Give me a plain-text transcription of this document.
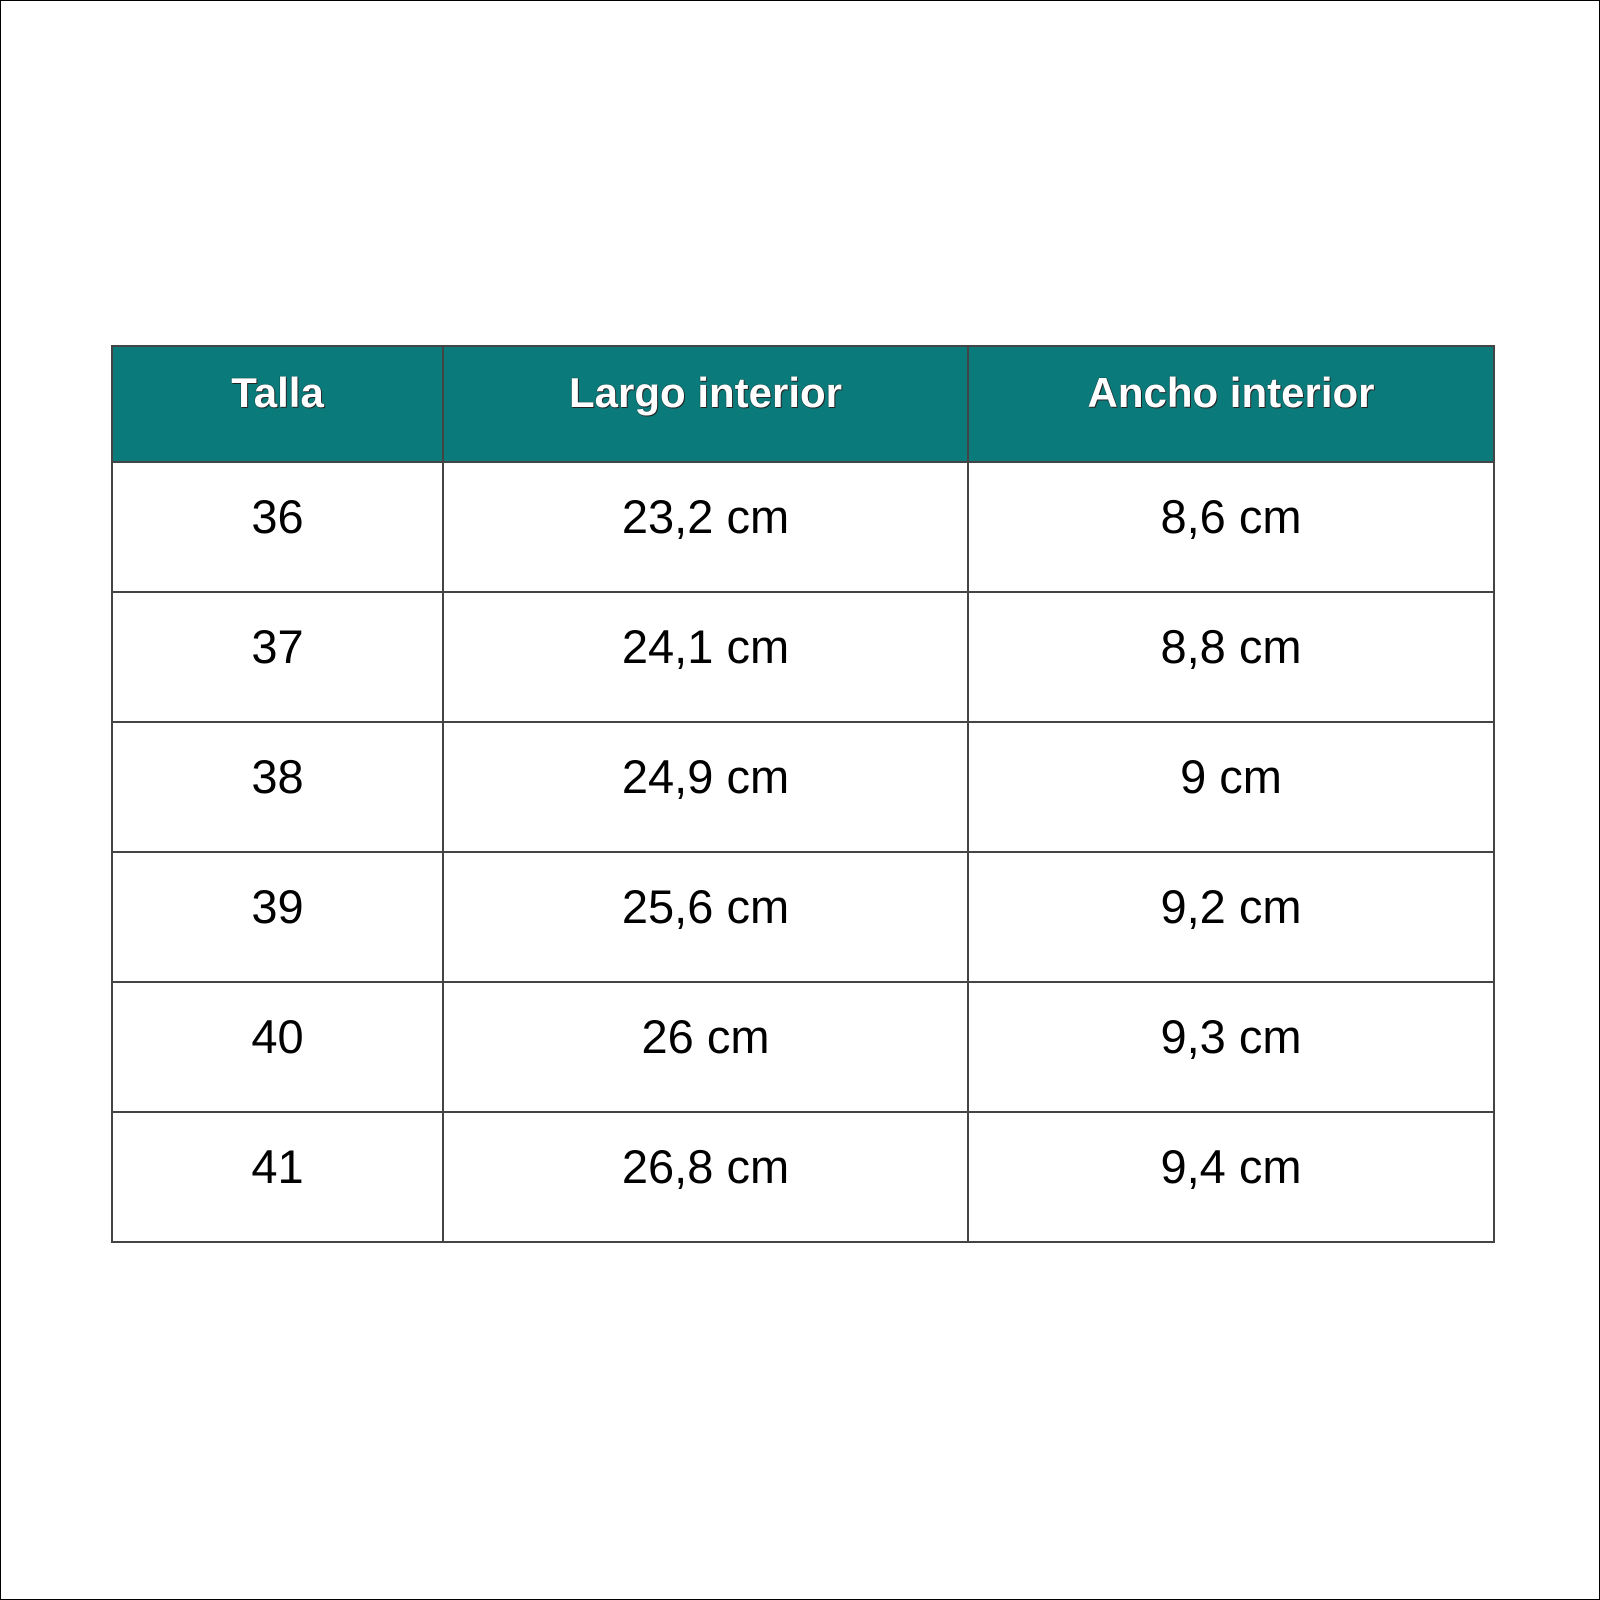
Talla	Largo interior	Ancho interior
36	23,2 cm	8,6 cm
37	24,1 cm	8,8 cm
38	24,9 cm	9 cm
39	25,6 cm	9,2 cm
40	26 cm	9,3 cm
41	26,8 cm	9,4 cm
